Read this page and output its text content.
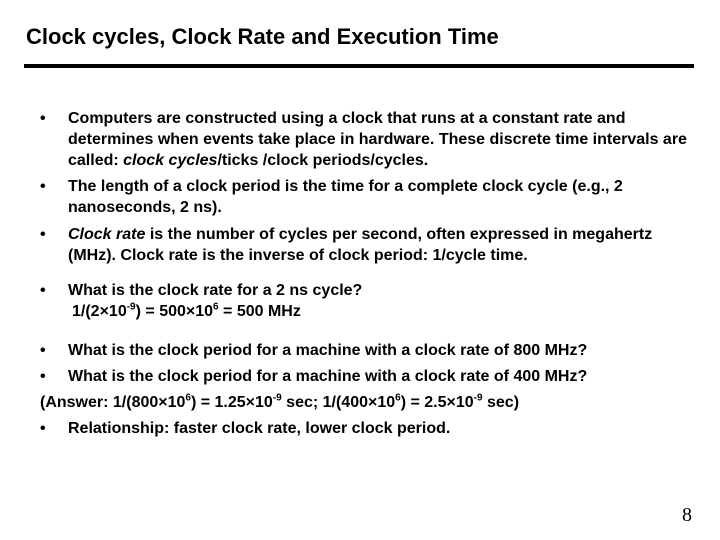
Clock cycles, Clock Rate and Execution Time
• Computers are constructed using a clock that runs at a constant rate and determines when events take place in hardware. These discrete time intervals are called: clock cycles/ticks /clock periods/cycles.
• The length of a clock period is the time for a complete clock cycle (e.g., 2 nanoseconds, 2 ns).
• Clock rate is the number of cycles per second, often expressed in megahertz (MHz). Clock rate is the inverse of clock period: 1/cycle time.
• What is the clock rate for a 2 ns cycle?
$1/(2\times 10^{-9}) = 500\times 10^6 = 500$ MHz
• What is the clock period for a machine with a clock rate of 800 MHz?
• What is the clock period for a machine with a clock rate of 400 MHz?
(Answer: $1/(800\times 10^6) = 1.25\times 10^{-9}$ sec; $1/(400\times 10^6) = 2.5\times 10^{-9}$ sec)
• Relationship: faster clock rate, lower clock period.
8
